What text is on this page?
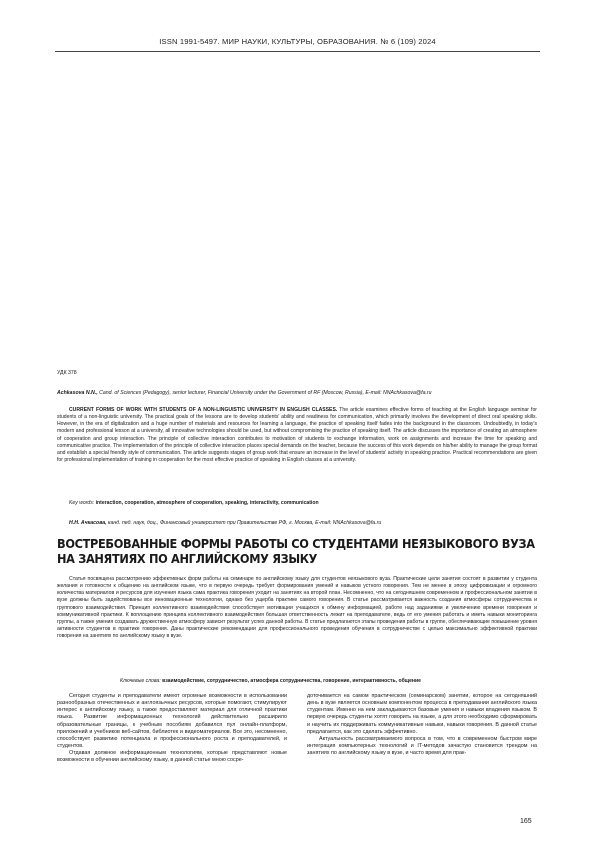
ISSN 1991-5497. МИР НАУКИ, КУЛЬТУРЫ, ОБРАЗОВАНИЯ. № 6 (109) 2024
УДК 378
Achkasova N.N., Cand. of Sciences (Pedagogy), senior lecturer, Financial University under the Government of RF (Moscow, Russia), E-mail: NNAchkasova@fa.ru
CURRENT FORMS OF WORK WITH STUDENTS OF A NON-LINGUISTIC UNIVERSITY IN ENGLISH CLASSES. The article examines effective forms of teaching at the English language seminar for students of a non-linguistic university. The practical goals of the lessons are to develop students' ability and readiness for communication, which primarily involves the development of direct oral speaking skills. However, in the era of digitalization and a huge number of materials and resources for learning a language, the practice of speaking itself fades into the background in the classroom. Undoubtedly, in today's modern and professional lesson at a university, all innovative technologies should be used, but without compromising the practice of speaking itself. The article discusses the importance of creating an atmosphere of cooperation and group interaction. The principle of collective interaction contributes to motivation of students to exchange information, work on assignments and increase the time for speaking and communicative practice. The implementation of the principle of collective interaction places special demands on the teacher, because the success of this work depends on his/her ability to manage the group format and establish a special friendly style of communication. The article suggests stages of group work that ensure an increase in the level of students' activity in speaking practice. Practical recommendations are given for professional implementation of training in cooperation for the most effective practice of speaking in English classes at a university.
Key words: interaction, cooperation, atmosphere of cooperation, speaking, interactivity, communication
Н.Н. Ачкасова, канд. пед. наук, доц., Финансовый университет при Правительстве РФ, г. Москва, E-mail: NNAchkasova@fa.ru
ВОСТРЕБОВАННЫЕ ФОРМЫ РАБОТЫ СО СТУДЕНТАМИ НЕЯЗЫКОВОГО ВУЗА НА ЗАНЯТИЯХ ПО АНГЛИЙСКОМУ ЯЗЫКУ
Статья посвящена рассмотрению эффективных форм работы на семинаре по английскому языку для студентов неязыкового вуза. Практические цели занятия состоят в развитии у студента желания и готовности к общению на английском языке, что в первую очередь требует формирования умений и навыков устного говорения. Тем не менее в эпоху цифровизации и огромного количества материалов и ресурсов для изучения языка сама практика говорения уходит на занятиях на второй план. Несомненно, что на сегодняшнем современном и профессиональном занятии в вузе должны быть задействованы все инновационные технологии, однако без ущерба практике самого говорения. В статье рассматривается важность создания атмосферы сотрудничества и группового взаимодействия. Принцип коллективного взаимодействия способствует мотивации учащихся к обмену информацией, работе над заданиями и увеличению времени говорения и коммуникативной практики. К воплощению принципа коллективного взаимодействия большая ответственность лежит на преподавателе, ведь от его умения работать и иметь навыки мониторинга группы, а также умения создавать дружественную атмосферу зависит результат успех данной работы. В статье предлагаются этапы проведения работы в группе, обеспечивающие повышение уровня активности студентов в практике говорения. Даны практические рекомендации для профессионального проведения обучения в сотрудничестве с целью максимально эффективной практики говорения на занятиях по английскому языку в вузе.
Ключевые слова: взаимодействие, сотрудничество, атмосфера сотрудничества, говорение, интерактивность, общение

Сегодня студенты и преподаватели имеют огромные возможности в использовании разнообразных отечественных и англоязычных ресурсов, которые помогают, стимулируют интерес к английскому языку, а также предоставляют материал для отличной практики языка. Развитие информационных технологий действительно расширило образовательные границы, к учебным пособиям добавился пул онлайн-платформ, приложений и учебников веб-сайтов, библиотек и видеоматериалов. Все это, несомненно, способствует развитию потенциала и профессионального роста и преподавателей, и студентов.

Отдавая должное информационным технологиям, которые представляют новые возможности в обучении английскому языку, в данной статье мною сосре-

доточивается на самом практическом (семинарском) занятии, которое на сегодняшний день в вузе является основным компонентом процесса в преподавании английского языка студентам. Именно на нем закладываются базовые умения и навыки владения языком. В первую очередь студенты хотят говорить на языке, а для этого необходимо сформировать и научить их поддерживать коммуникативные навыки, навыки говорения. В данной статье предлагается, как это сделать эффективно.

Актуальность рассматриваемого вопроса в том, что в современном быстром мире интеграция компьютерных технологий и IT-методов зачастую становится трендом на занятиях по английскому языку в вузе, и часто время для прак-

165
